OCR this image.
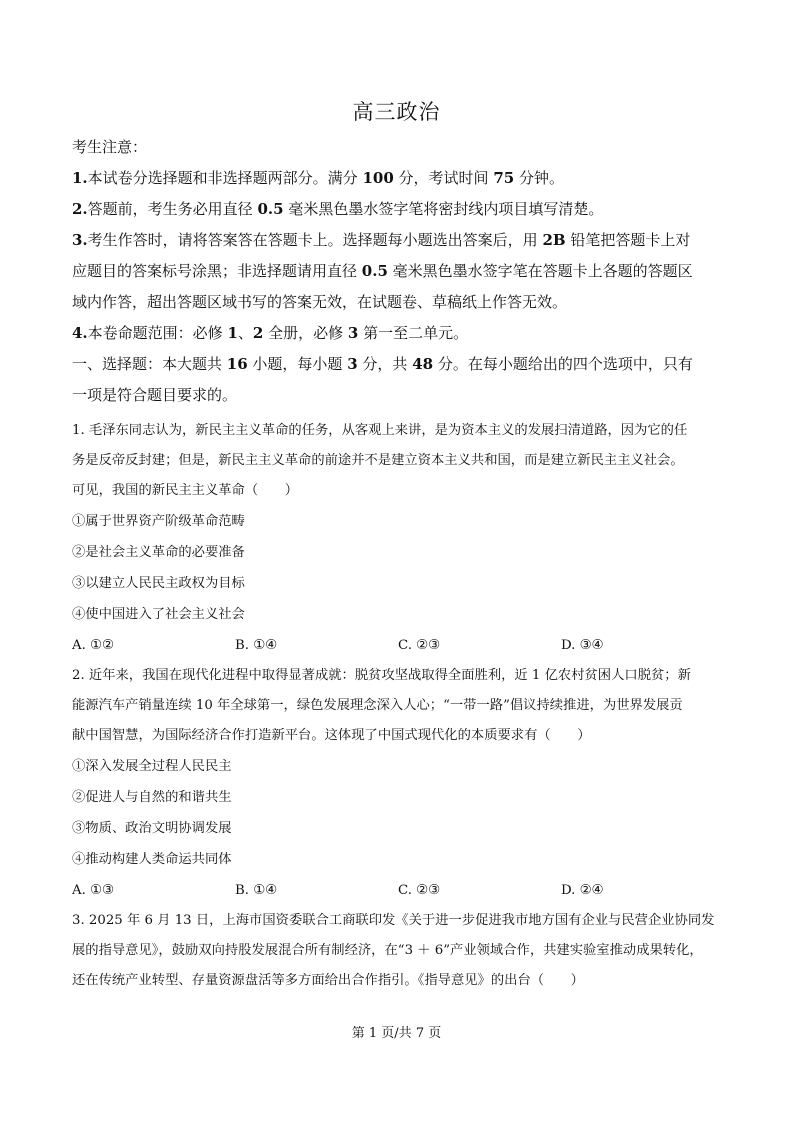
高三政治
考生注意：
1.本试卷分选择题和非选择题两部分。满分 100 分，考试时间 75 分钟。
2.答题前，考生务必用直径 0.5 毫米黑色墨水签字笔将密封线内项目填写清楚。
3.考生作答时，请将答案答在答题卡上。选择题每小题选出答案后，用 2B 铅笔把答题卡上对
应题目的答案标号涂黑；非选择题请用直径 0.5 毫米黑色墨水签字笔在答题卡上各题的答题区
域内作答，超出答题区域书写的答案无效，在试题卷、草稿纸上作答无效。
4.本卷命题范围：必修 1、2 全册，必修 3 第一至二单元。
一、选择题：本大题共 16 小题，每小题 3 分，共 48 分。在每小题给出的四个选项中，只有
一项是符合题目要求的。
1. 毛泽东同志认为，新民主主义革命的任务，从客观上来讲，是为资本主义的发展扫清道路，因为它的任
务是反帝反封建；但是，新民主主义革命的前途并不是建立资本主义共和国，而是建立新民主主义社会。
可见，我国的新民主主义革命（　　）
①属于世界资产阶级革命范畴
②是社会主义革命的必要准备
③以建立人民民主政权为目标
④使中国进入了社会主义社会
A. ①②	B. ①④	C. ②③	D. ③④
2. 近年来，我国在现代化进程中取得显著成就：脱贫攻坚战取得全面胜利，近 1 亿农村贫困人口脱贫；新
能源汽车产销量连续 10 年全球第一，绿色发展理念深入人心；“一带一路”倡议持续推进，为世界发展贡
献中国智慧，为国际经济合作打造新平台。这体现了中国式现代化的本质要求有（　　）
①深入发展全过程人民民主
②促进人与自然的和谐共生
③物质、政治文明协调发展
④推动构建人类命运共同体
A. ①③	B. ①④	C. ②③	D. ②④
3. 2025 年 6 月 13 日，上海市国资委联合工商联印发《关于进一步促进我市地方国有企业与民营企业协同发
展的指导意见》，鼓励双向持股发展混合所有制经济，在“3 ＋ 6”产业领域合作，共建实验室推动成果转化，
还在传统产业转型、存量资源盘活等多方面给出合作指引。《指导意见》的出台（　　）
第 1 页/共 7 页
